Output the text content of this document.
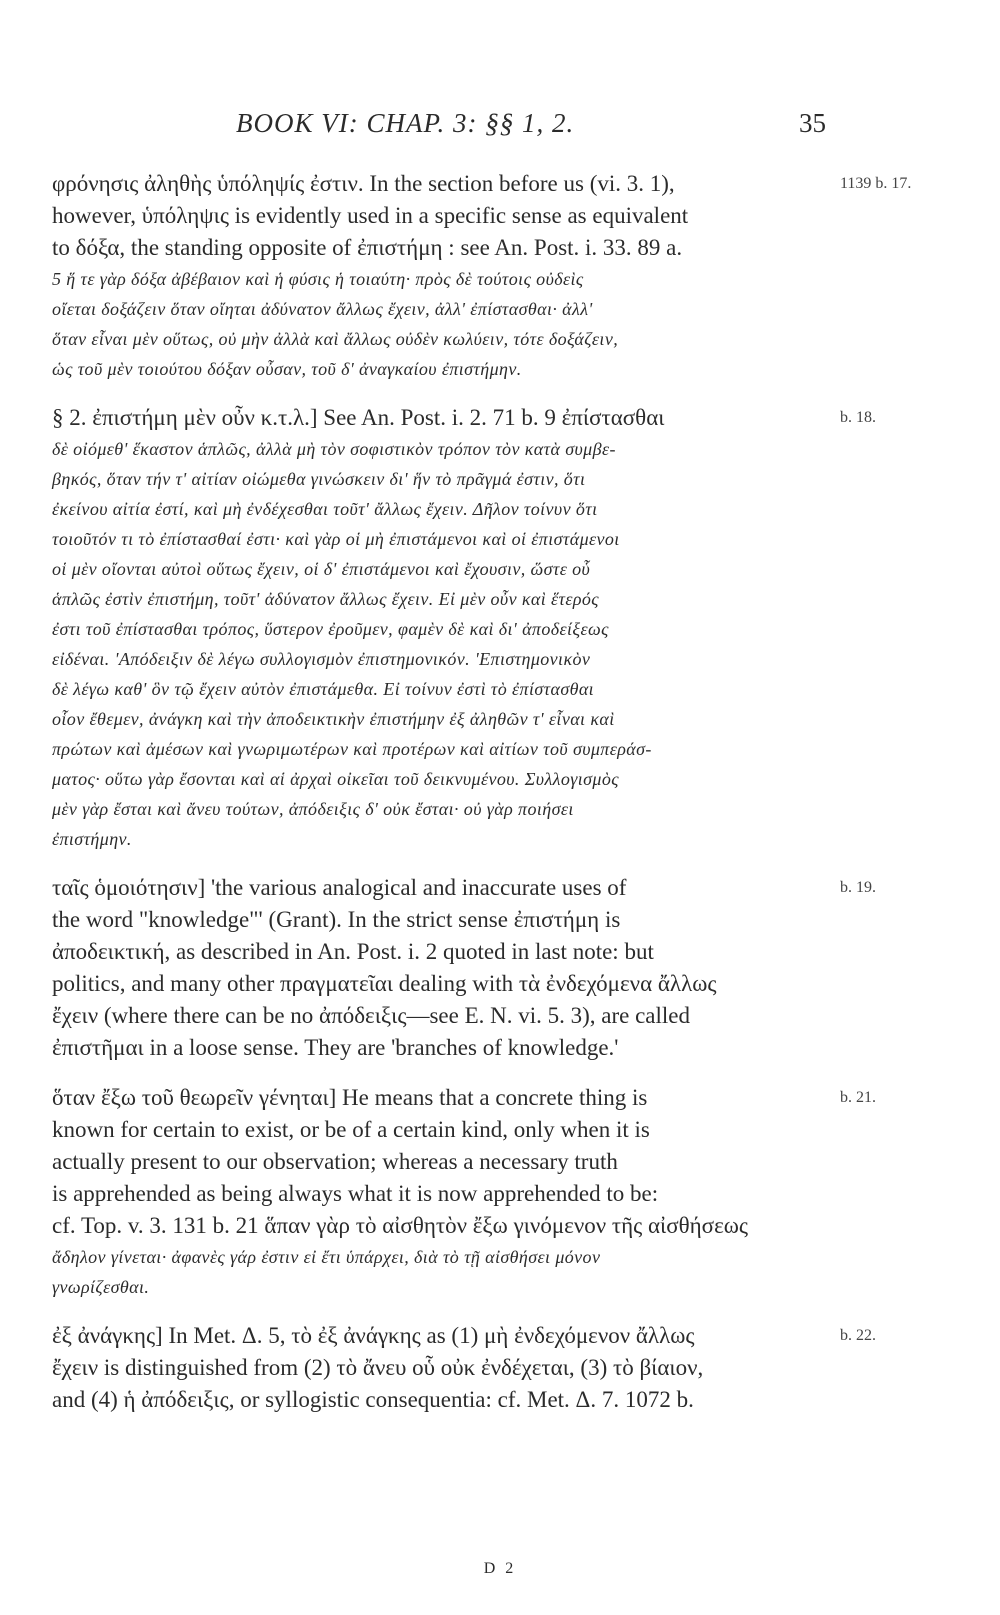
BOOK VI: CHAP. 3: §§ 1, 2.	35
φρόνησις ἀληθὴς ὑπόληψίς ἐστιν. In the section before us (vi. 3. 1),	1139 b. 17.
however, ὑπόληψις is evidently used in a specific sense as equivalent
to δόξα, the standing opposite of ἐπιστήμη : see An. Post. i. 33. 89 a.
5 ἥ τε γὰρ δόξα ἀβέβαιον καὶ ἡ φύσις ἡ τοιαύτη· πρὸς δὲ τούτοις οὐδεὶς
οἴεται δοξάζειν ὅταν οἴηται ἀδύνατον ἄλλως ἔχειν, ἀλλ' ἐπίστασθαι· ἀλλ'
ὅταν εἶναι μὲν οὕτως, οὐ μὴν ἀλλὰ καὶ ἄλλως οὐδὲν κωλύειν, τότε δοξάζειν,
ὡς τοῦ μὲν τοιούτου δόξαν οὖσαν, τοῦ δ' ἀναγκαίου ἐπιστήμην.
§ 2. ἐπιστήμη μὲν οὖν κ.τ.λ.] See An. Post. i. 2. 71 b. 9 ἐπίστασθαι	b. 18.
δὲ οἰόμεθ' ἕκαστον ἁπλῶς, ἀλλὰ μὴ τὸν σοφιστικὸν τρόπον τὸν κατὰ συμβε-
βηκός, ὅταν τήν τ' αἰτίαν οἰώμεθα γινώσκειν δι' ἥν τὸ πρᾶγμά ἐστιν, ὅτι
ἐκείνου αἰτία ἐστί, καὶ μὴ ἐνδέχεσθαι τοῦτ' ἄλλως ἔχειν. Δῆλον τοίνυν ὅτι
τοιοῦτόν τι τὸ ἐπίστασθαί ἐστι· καὶ γὰρ οἱ μὴ ἐπιστάμενοι καὶ οἱ ἐπιστάμενοι
οἱ μὲν οἴονται αὐτοὶ οὕτως ἔχειν, οἱ δ' ἐπιστάμενοι καὶ ἔχουσιν, ὥστε οὗ
ἁπλῶς ἐστὶν ἐπιστήμη, τοῦτ' ἀδύνατον ἄλλως ἔχειν. Εἰ μὲν οὖν καὶ ἕτερός
ἐστι τοῦ ἐπίστασθαι τρόπος, ὕστερον ἐροῦμεν, φαμὲν δὲ καὶ δι' ἀποδείξεως
εἰδέναι. 'Απόδειξιν δὲ λέγω συλλογισμὸν ἐπιστημονικόν. 'Επιστημονικὸν
δὲ λέγω καθ' ὃν τῷ ἔχειν αὐτὸν ἐπιστάμεθα. Εἰ τοίνυν ἐστὶ τὸ ἐπίστασθαι
οἷον ἔθεμεν, ἀνάγκη καὶ τὴν ἀποδεικτικὴν ἐπιστήμην ἐξ ἀληθῶν τ' εἶναι καὶ
πρώτων καὶ ἀμέσων καὶ γνωριμωτέρων καὶ προτέρων καὶ αἰτίων τοῦ συμπεράσ-
ματος· οὕτω γὰρ ἔσονται καὶ αἱ ἀρχαὶ οἰκεῖαι τοῦ δεικνυμένου. Συλλογισμὸς
μὲν γὰρ ἔσται καὶ ἄνευ τούτων, ἀπόδειξις δ' οὐκ ἔσται· οὐ γὰρ ποιήσει
ἐπιστήμην.
ταῖς ὁμοιότησιν] 'the various analogical and inaccurate uses of	b. 19.
the word "knowledge"' (Grant). In the strict sense ἐπιστήμη is
ἀποδεικτική, as described in An. Post. i. 2 quoted in last note: but
politics, and many other πραγματεῖαι dealing with τὰ ἐνδεχόμενα ἄλλως
ἔχειν (where there can be no ἀπόδειξις—see E. N. vi. 5. 3), are called
ἐπιστῆμαι in a loose sense. They are 'branches of knowledge.'
ὅταν ἔξω τοῦ θεωρεῖν γένηται] He means that a concrete thing is	b. 21.
known for certain to exist, or be of a certain kind, only when it is
actually present to our observation; whereas a necessary truth
is apprehended as being always what it is now apprehended to be:
cf. Top. v. 3. 131 b. 21 ἅπαν γὰρ τὸ αἰσθητὸν ἔξω γινόμενον τῆς αἰσθήσεως
ἄδηλον γίνεται· ἀφανὲς γάρ ἐστιν εἰ ἔτι ὑπάρχει, διὰ τὸ τῇ αἰσθήσει μόνον
γνωρίζεσθαι.
ἐξ ἀνάγκης] In Met. Δ. 5, τὸ ἐξ ἀνάγκης as (1) μὴ ἐνδεχόμενον ἄλλως	b. 22.
ἔχειν is distinguished from (2) τὸ ἄνευ οὗ οὐκ ἐνδέχεται, (3) τὸ βίαιον,
and (4) ἡ ἀπόδειξις, or syllogistic consequentia: cf. Met. Δ. 7. 1072 b.
D 2
